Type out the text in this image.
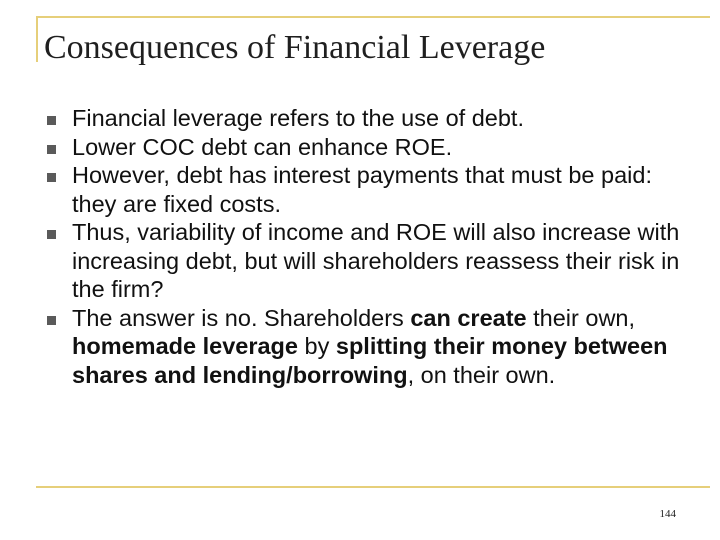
Consequences of Financial Leverage
Financial leverage refers to the use of debt.
Lower COC debt can enhance ROE.
However, debt has interest payments that must be paid: they are fixed costs.
Thus, variability of income and ROE will also increase with increasing debt, but will shareholders reassess their risk in the firm?
The answer is no. Shareholders can create their own, homemade leverage by splitting their money between shares and lending/borrowing, on their own.
144
